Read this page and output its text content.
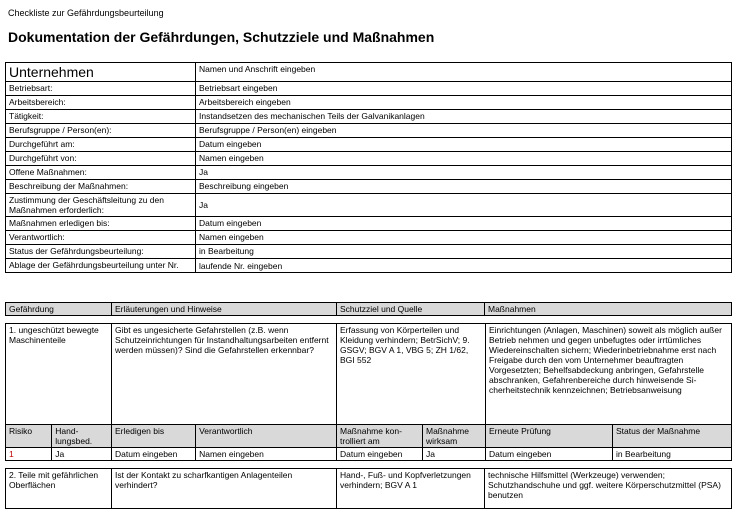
Checkliste zur Gefährdungsbeurteilung
Dokumentation der Gefährdungen, Schutzziele und Maßnahmen
Unternehmen	Namen und Anschrift eingeben
Betriebsart:	Betriebsart eingeben
Arbeitsbereich:	Arbeitsbereich eingeben
Tätigkeit:	Instandsetzen des mechanischen Teils der Galvanikanlagen
Berufsgruppe / Person(en):	Berufsgruppe / Person(en) eingeben
Durchgeführt am:	Datum eingeben
Durchgeführt von:	Namen eingeben
Offene Maßnahmen:	Ja
Beschreibung der Maßnahmen:	Beschreibung eingeben
Zustimmung der Geschäftsleitung zu den Maßnahmen erforderlich:	Ja
Maßnahmen erledigen bis:	Datum eingeben
Verantwortlich:	Namen eingeben
Status der Gefährdungsbeurteilung:	in Bearbeitung
Ablage der Gefährdungsbeurteilung unter Nr.	laufende Nr. eingeben
Gefährdung	Erläuterungen und Hinweise	Schutzziel und Quelle	Maßnahmen
1. ungeschützt bewegte Maschinenteile		Gibt es ungesicherte Gefahrstellen (z.B. wenn Schutzeinrichtungen für Instandhaltungsarbeiten entfernt werden müssen)? Sind die Gefahrstellen erkennbar?		Erfassung von Körperteilen und Kleidung verhindern; BetrSichV; 9. GSGV; BGV A 1, VBG 5; ZH 1/62, BGI 552		Einrichtungen (Anlagen, Maschinen) soweit als möglich außer Betrieb nehmen und gegen unbefugtes oder irrtümliches Wiedereinschalten sichern; Wiederinbetriebnahme erst nach Freigabe durch den vom Unternehmer beauftragten Vorgesetzten; Behelfsabdeckung anbringen, Gefahrstelle abschranken, Gefahrenbereiche durch hinweisende Sicherheitstechnik kennzeichnen; Betriebsanweisung	
Risiko	Handlungsbed.	Erledigen bis	Verantwortlich	Maßnahme kontrolliert am	Maßnahme wirksam	Erneute Prüfung	Status der Maßnahme
1	Ja	Datum eingeben	Namen eingeben	Datum eingeben	Ja	Datum eingeben	in Bearbeitung
2. Teile mit gefährlichen Oberflächen	Ist der Kontakt zu scharfkantigen Anlagenteilen verhindert?	Hand-, Fuß- und Kopfverletzungen verhindern; BGV A 1	technische Hilfsmittel (Werkzeuge) verwenden; Schutzhandschuhe und ggf. weitere Körperschutzmittel (PSA) benutzen
